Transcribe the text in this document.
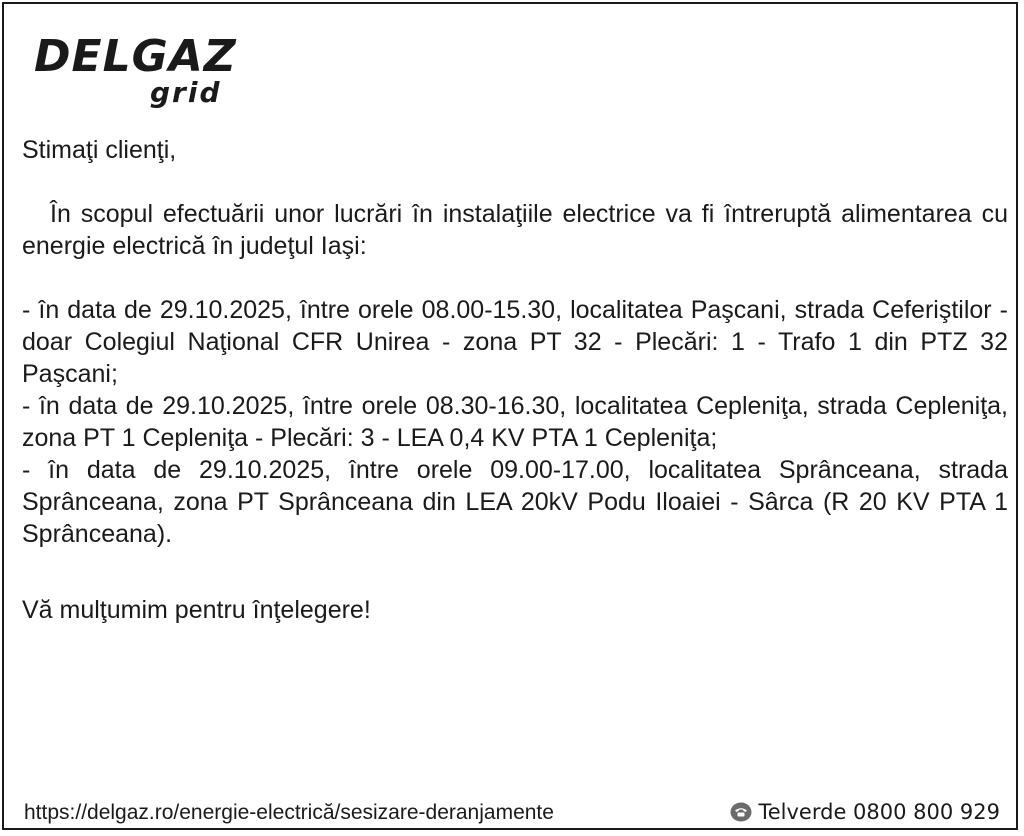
DELGAZ
grid

Stimaţi clienţi,

În scopul efectuării unor lucrări în instalaţiile electrice va fi întreruptă alimentarea cu energie electrică în judeţul Iaşi:

- în data de 29.10.2025, între orele 08.00-15.30, localitatea Paşcani, strada Ceferiştilor - doar Colegiul Naţional CFR Unirea - zona PT 32 - Plecări: 1 - Trafo 1 din PTZ 32 Paşcani;

- în data de 29.10.2025, între orele 08.30-16.30, localitatea Cepleniţa, strada Cepleniţa, zona PT 1 Cepleniţa - Plecări: 3 - LEA 0,4 KV PTA 1 Cepleniţa;

- în data de 29.10.2025, între orele 09.00-17.00, localitatea Sprânceana, strada Sprânceana, zona PT Sprânceana din LEA 20kV Podu Iloaiei - Sârca (R 20 KV PTA 1 Sprânceana).

Vă mulţumim pentru înţelegere!

https://delgaz.ro/energie-electrică/sesizare-deranjamente	Telverde 0800 800 929
